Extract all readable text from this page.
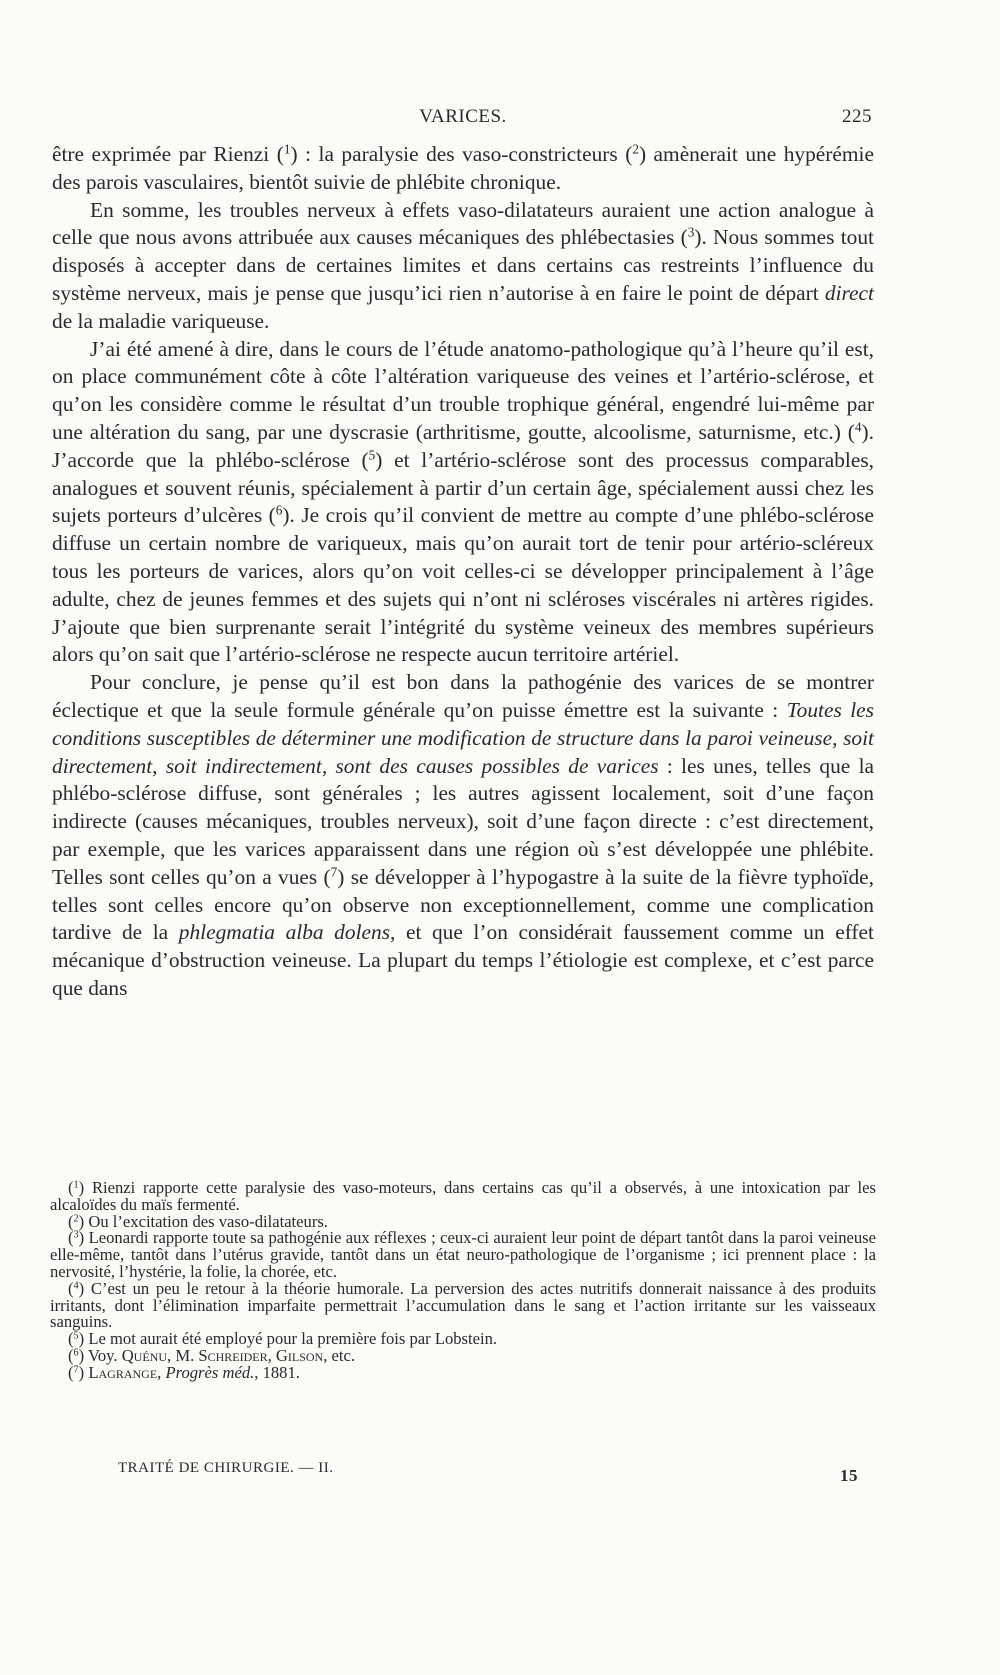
VARICES.	225

être exprimée par Rienzi ($^1$) : la paralysie des vaso-constricteurs ($^2$) amènerait une hypérémie des parois vasculaires, bientôt suivie de phlébite chronique.

En somme, les troubles nerveux à effets vaso-dilatateurs auraient une action analogue à celle que nous avons attribuée aux causes mécaniques des phlébectasies ($^3$). Nous sommes tout disposés à accepter dans de certaines limites et dans certains cas restreints l’influence du système nerveux, mais je pense que jusqu’ici rien n’autorise à en faire le point de départ direct de la maladie variqueuse.

J’ai été amené à dire, dans le cours de l’étude anatomo-pathologique qu’à l’heure qu’il est, on place communément côte à côte l’altération variqueuse des veines et l’artério-sclérose, et qu’on les considère comme le résultat d’un trouble trophique général, engendré lui-même par une altération du sang, par une dyscrasie (arthritisme, goutte, alcoolisme, saturnisme, etc.) ($^4$). J’accorde que la phlébo-sclérose ($^5$) et l’artério-sclérose sont des processus comparables, analogues et souvent réunis, spécialement à partir d’un certain âge, spécialement aussi chez les sujets porteurs d’ulcères ($^6$). Je crois qu’il convient de mettre au compte d’une phlébo-sclérose diffuse un certain nombre de variqueux, mais qu’on aurait tort de tenir pour artério-scléreux tous les porteurs de varices, alors qu’on voit celles-ci se développer principalement à l’âge adulte, chez de jeunes femmes et des sujets qui n’ont ni scléroses viscérales ni artères rigides. J’ajoute que bien surprenante serait l’intégrité du système veineux des membres supérieurs alors qu’on sait que l’artério-sclérose ne respecte aucun territoire artériel.

Pour conclure, je pense qu’il est bon dans la pathogénie des varices de se montrer éclectique et que la seule formule générale qu’on puisse émettre est la suivante : Toutes les conditions susceptibles de déterminer une modification de structure dans la paroi veineuse, soit directement, soit indirectement, sont des causes possibles de varices : les unes, telles que la phlébo-sclérose diffuse, sont générales ; les autres agissent localement, soit d’une façon indirecte (causes mécaniques, troubles nerveux), soit d’une façon directe : c’est directement, par exemple, que les varices apparaissent dans une région où s’est développée une phlébite. Telles sont celles qu’on a vues ($^7$) se développer à l’hypogastre à la suite de la fièvre typhoïde, telles sont celles encore qu’on observe non exceptionnellement, comme une complication tardive de la phlegmatia alba dolens, et que l’on considérait faussement comme un effet mécanique d’obstruction veineuse. La plupart du temps l’étiologie est complexe, et c’est parce que dans

($^1$) Rienzi rapporte cette paralysie des vaso-moteurs, dans certains cas qu’il a observés, à une intoxication par les alcaloïdes du maïs fermenté.

($^2$) Ou l’excitation des vaso-dilatateurs.

($^3$) Leonardi rapporte toute sa pathogénie aux réflexes ; ceux-ci auraient leur point de départ tantôt dans la paroi veineuse elle-même, tantôt dans l’utérus gravide, tantôt dans un état neuro-pathologique de l’organisme ; ici prennent place : la nervosité, l’hystérie, la folie, la chorée, etc.

($^4$) C’est un peu le retour à la théorie humorale. La perversion des actes nutritifs donnerait naissance à des produits irritants, dont l’élimination imparfaite permettrait l’accumulation dans le sang et l’action irritante sur les vaisseaux sanguins.

($^5$) Le mot aurait été employé pour la première fois par Lobstein.

($^6$) Voy. Quénu, M. Schreider, Gilson, etc.

($^7$) Lagrange, Progrès méd., 1881.

TRAITÉ DE CHIRURGIE. — II.	15
